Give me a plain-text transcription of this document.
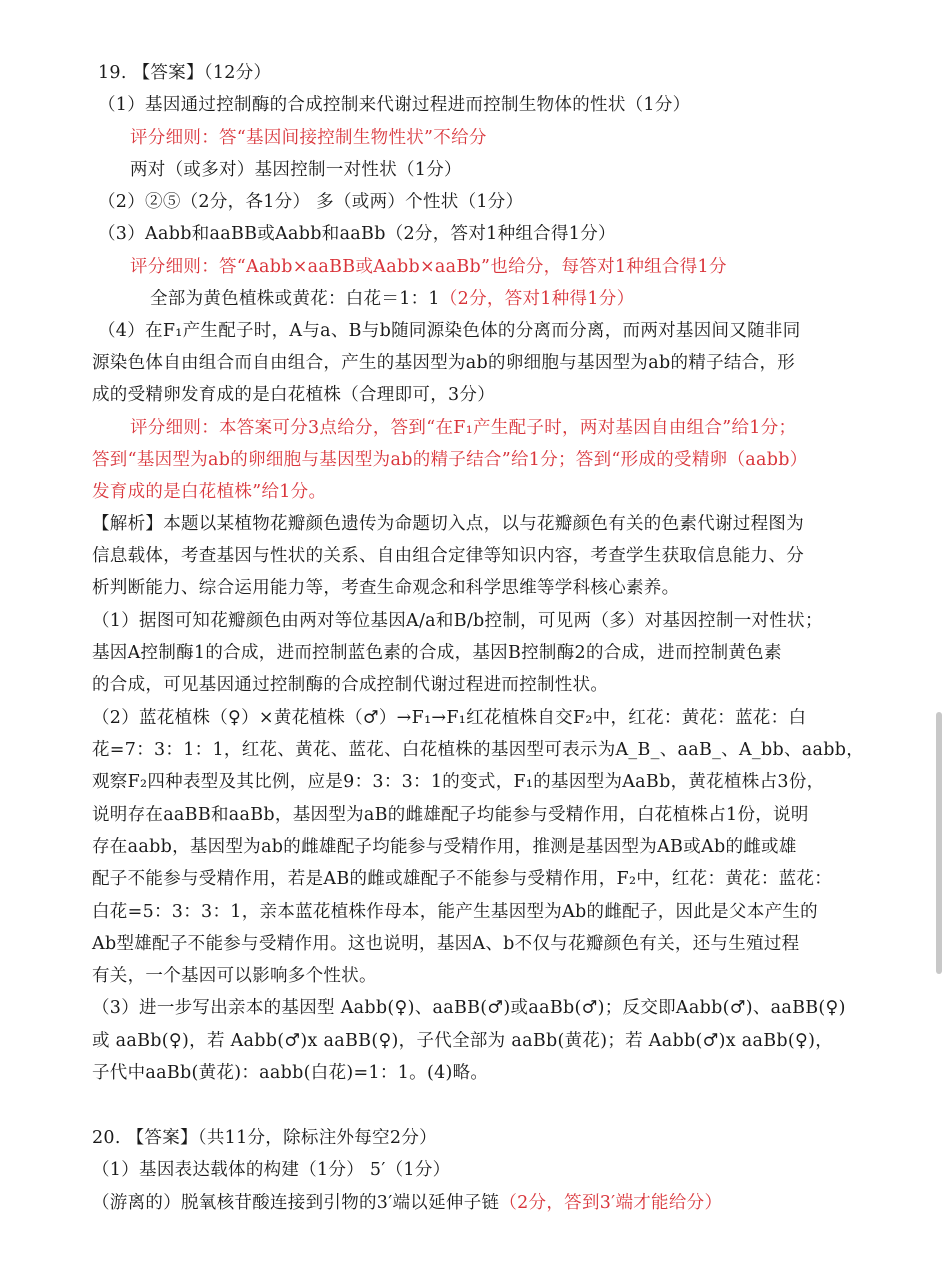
19. 【答案】（12分）
（1）基因通过控制酶的合成控制来代谢过程进而控制生物体的性状（1分）
评分细则：答“基因间接控制生物性状”不给分
两对（或多对）基因控制一对性状（1分）
（2）②⑤（2分，各1分） 多（或两）个性状（1分）
（3）Aabb和aaBB或Aabb和aaBb（2分，答对1种组合得1分）
评分细则：答“Aabb×aaBB或Aabb×aaBb”也给分，每答对1种组合得1分
全部为黄色植株或黄花：白花＝1：1（2分，答对1种得1分）
（4）在F₁产生配子时，A与a、B与b随同源染色体的分离而分离，而两对基因间又随非同
源染色体自由组合而自由组合，产生的基因型为ab的卵细胞与基因型为ab的精子结合，形
成的受精卵发育成的是白花植株（合理即可，3分）
评分细则：本答案可分3点给分，答到“在F₁产生配子时，两对基因自由组合”给1分；
答到“基因型为ab的卵细胞与基因型为ab的精子结合”给1分；答到“形成的受精卵（aabb）
发育成的是白花植株”给1分。
【解析】本题以某植物花瓣颜色遗传为命题切入点，以与花瓣颜色有关的色素代谢过程图为
信息载体，考查基因与性状的关系、自由组合定律等知识内容，考查学生获取信息能力、分
析判断能力、综合运用能力等，考查生命观念和科学思维等学科核心素养。
（1）据图可知花瓣颜色由两对等位基因A/a和B/b控制，可见两（多）对基因控制一对性状；
基因A控制酶1的合成，进而控制蓝色素的合成，基因B控制酶2的合成，进而控制黄色素
的合成，可见基因通过控制酶的合成控制代谢过程进而控制性状。
（2）蓝花植株（♀）×黄花植株（♂）→F₁→F₁红花植株自交F₂中，红花：黄花：蓝花：白
花=7：3：1：1，红花、黄花、蓝花、白花植株的基因型可表示为A_B_、aaB_、A_bb、aabb，
观察F₂四种表型及其比例，应是9：3：3：1的变式，F₁的基因型为AaBb，黄花植株占3份，
说明存在aaBB和aaBb，基因型为aB的雌雄配子均能参与受精作用，白花植株占1份，说明
存在aabb，基因型为ab的雌雄配子均能参与受精作用，推测是基因型为AB或Ab的雌或雄
配子不能参与受精作用，若是AB的雌或雄配子不能参与受精作用，F₂中，红花：黄花：蓝花：
白花=5：3：3：1，亲本蓝花植株作母本，能产生基因型为Ab的雌配子，因此是父本产生的
Ab型雄配子不能参与受精作用。这也说明，基因A、b不仅与花瓣颜色有关，还与生殖过程
有关，一个基因可以影响多个性状。
（3）进一步写出亲本的基因型 Aabb(♀)、aaBB(♂)或aaBb(♂)；反交即Aabb(♂)、aaBB(♀)
或 aaBb(♀)，若 Aabb(♂)x aaBB(♀)，子代全部为 aaBb(黄花)；若 Aabb(♂)x aaBb(♀)，
子代中aaBb(黄花)：aabb(白花)=1：1。(4)略。
20. 【答案】（共11分，除标注外每空2分）
（1）基因表达载体的构建（1分） 5′（1分）
（游离的）脱氧核苷酸连接到引物的3′端以延伸子链（2分，答到3′端才能给分）
